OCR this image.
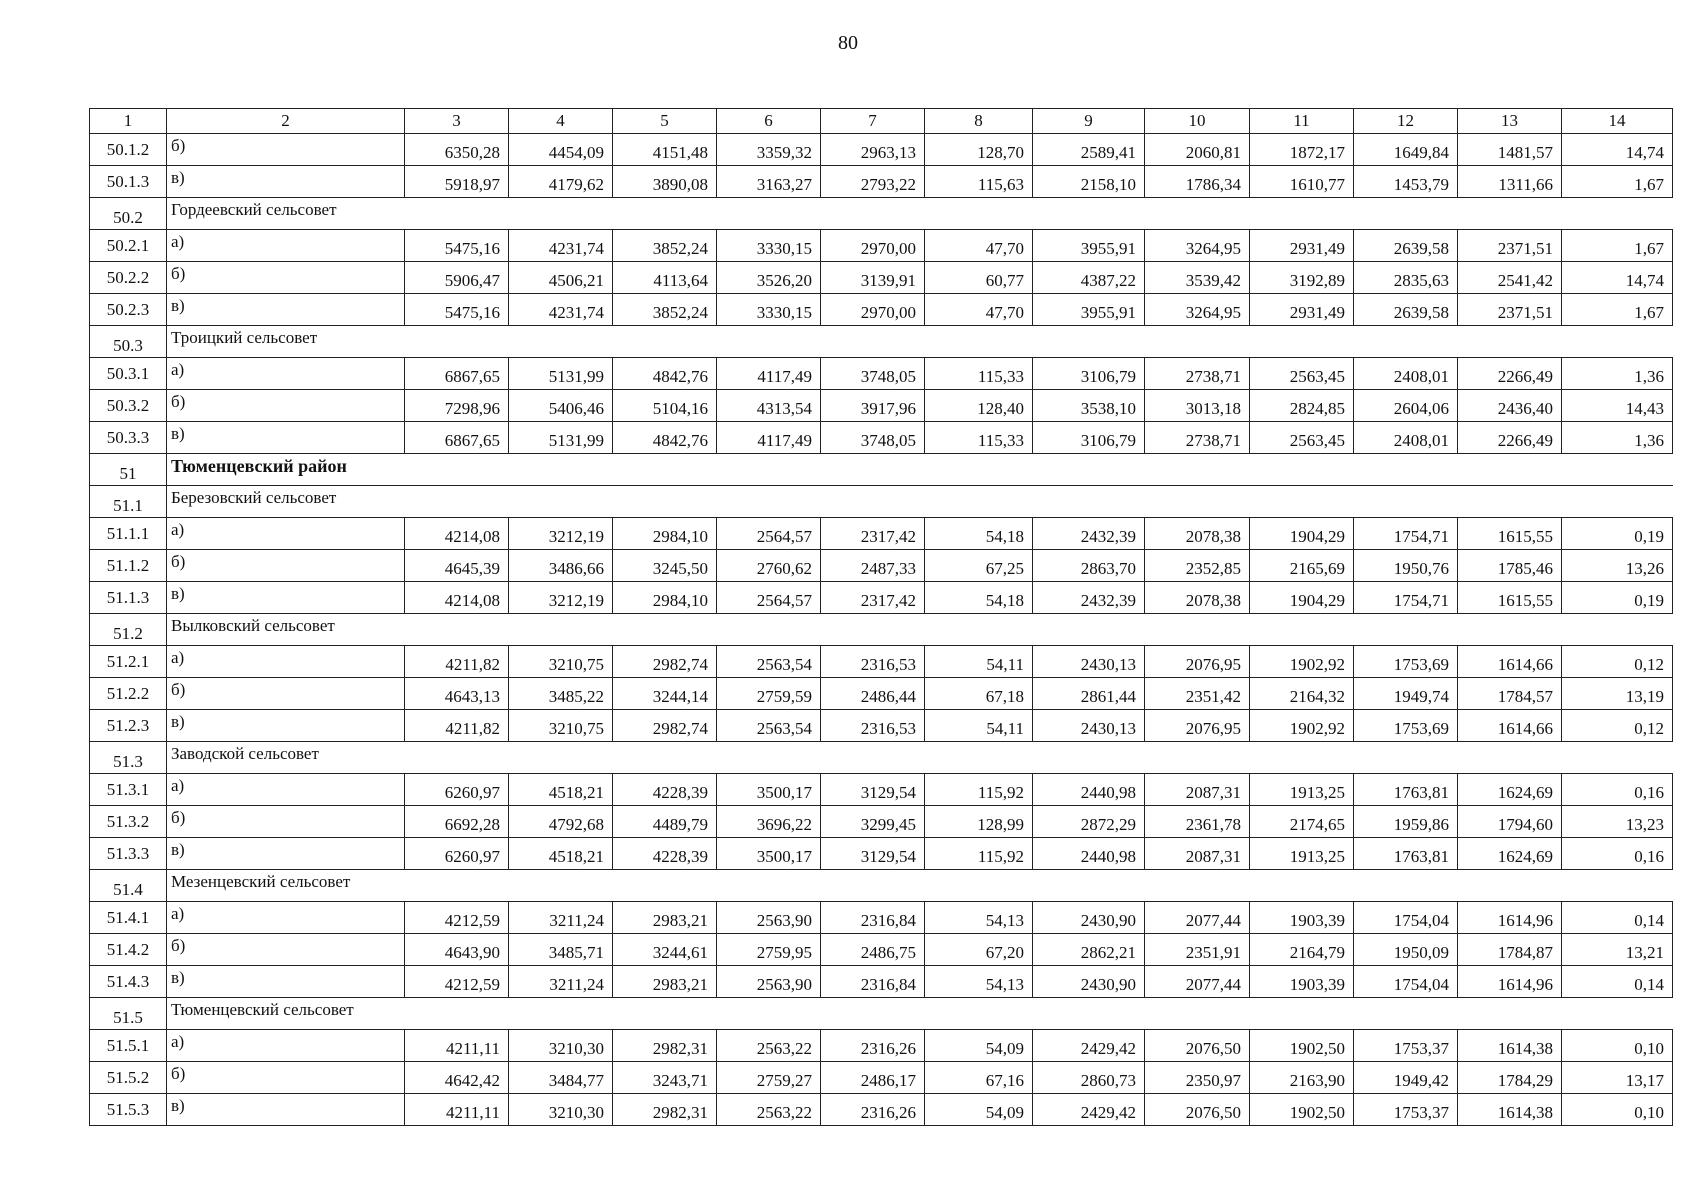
80
1	2	3	4	5	6	7	8	9	10	11	12	13	14
50.1.2	б)	6350,28	4454,09	4151,48	3359,32	2963,13	128,70	2589,41	2060,81	1872,17	1649,84	1481,57	14,74
50.1.3	в)	5918,97	4179,62	3890,08	3163,27	2793,22	115,63	2158,10	1786,34	1610,77	1453,79	1311,66	1,67
50.2	Гордеевский сельсовет												
50.2.1	а)	5475,16	4231,74	3852,24	3330,15	2970,00	47,70	3955,91	3264,95	2931,49	2639,58	2371,51	1,67
50.2.2	б)	5906,47	4506,21	4113,64	3526,20	3139,91	60,77	4387,22	3539,42	3192,89	2835,63	2541,42	14,74
50.2.3	в)	5475,16	4231,74	3852,24	3330,15	2970,00	47,70	3955,91	3264,95	2931,49	2639,58	2371,51	1,67
50.3	Троицкий сельсовет												
50.3.1	а)	6867,65	5131,99	4842,76	4117,49	3748,05	115,33	3106,79	2738,71	2563,45	2408,01	2266,49	1,36
50.3.2	б)	7298,96	5406,46	5104,16	4313,54	3917,96	128,40	3538,10	3013,18	2824,85	2604,06	2436,40	14,43
50.3.3	в)	6867,65	5131,99	4842,76	4117,49	3748,05	115,33	3106,79	2738,71	2563,45	2408,01	2266,49	1,36
51	Тюменцевский район												
51.1	Березовский сельсовет												
51.1.1	а)	4214,08	3212,19	2984,10	2564,57	2317,42	54,18	2432,39	2078,38	1904,29	1754,71	1615,55	0,19
51.1.2	б)	4645,39	3486,66	3245,50	2760,62	2487,33	67,25	2863,70	2352,85	2165,69	1950,76	1785,46	13,26
51.1.3	в)	4214,08	3212,19	2984,10	2564,57	2317,42	54,18	2432,39	2078,38	1904,29	1754,71	1615,55	0,19
51.2	Вылковский сельсовет												
51.2.1	а)	4211,82	3210,75	2982,74	2563,54	2316,53	54,11	2430,13	2076,95	1902,92	1753,69	1614,66	0,12
51.2.2	б)	4643,13	3485,22	3244,14	2759,59	2486,44	67,18	2861,44	2351,42	2164,32	1949,74	1784,57	13,19
51.2.3	в)	4211,82	3210,75	2982,74	2563,54	2316,53	54,11	2430,13	2076,95	1902,92	1753,69	1614,66	0,12
51.3	Заводской сельсовет												
51.3.1	а)	6260,97	4518,21	4228,39	3500,17	3129,54	115,92	2440,98	2087,31	1913,25	1763,81	1624,69	0,16
51.3.2	б)	6692,28	4792,68	4489,79	3696,22	3299,45	128,99	2872,29	2361,78	2174,65	1959,86	1794,60	13,23
51.3.3	в)	6260,97	4518,21	4228,39	3500,17	3129,54	115,92	2440,98	2087,31	1913,25	1763,81	1624,69	0,16
51.4	Мезенцевский сельсовет												
51.4.1	а)	4212,59	3211,24	2983,21	2563,90	2316,84	54,13	2430,90	2077,44	1903,39	1754,04	1614,96	0,14
51.4.2	б)	4643,90	3485,71	3244,61	2759,95	2486,75	67,20	2862,21	2351,91	2164,79	1950,09	1784,87	13,21
51.4.3	в)	4212,59	3211,24	2983,21	2563,90	2316,84	54,13	2430,90	2077,44	1903,39	1754,04	1614,96	0,14
51.5	Тюменцевский сельсовет												
51.5.1	а)	4211,11	3210,30	2982,31	2563,22	2316,26	54,09	2429,42	2076,50	1902,50	1753,37	1614,38	0,10
51.5.2	б)	4642,42	3484,77	3243,71	2759,27	2486,17	67,16	2860,73	2350,97	2163,90	1949,42	1784,29	13,17
51.5.3	в)	4211,11	3210,30	2982,31	2563,22	2316,26	54,09	2429,42	2076,50	1902,50	1753,37	1614,38	0,10
